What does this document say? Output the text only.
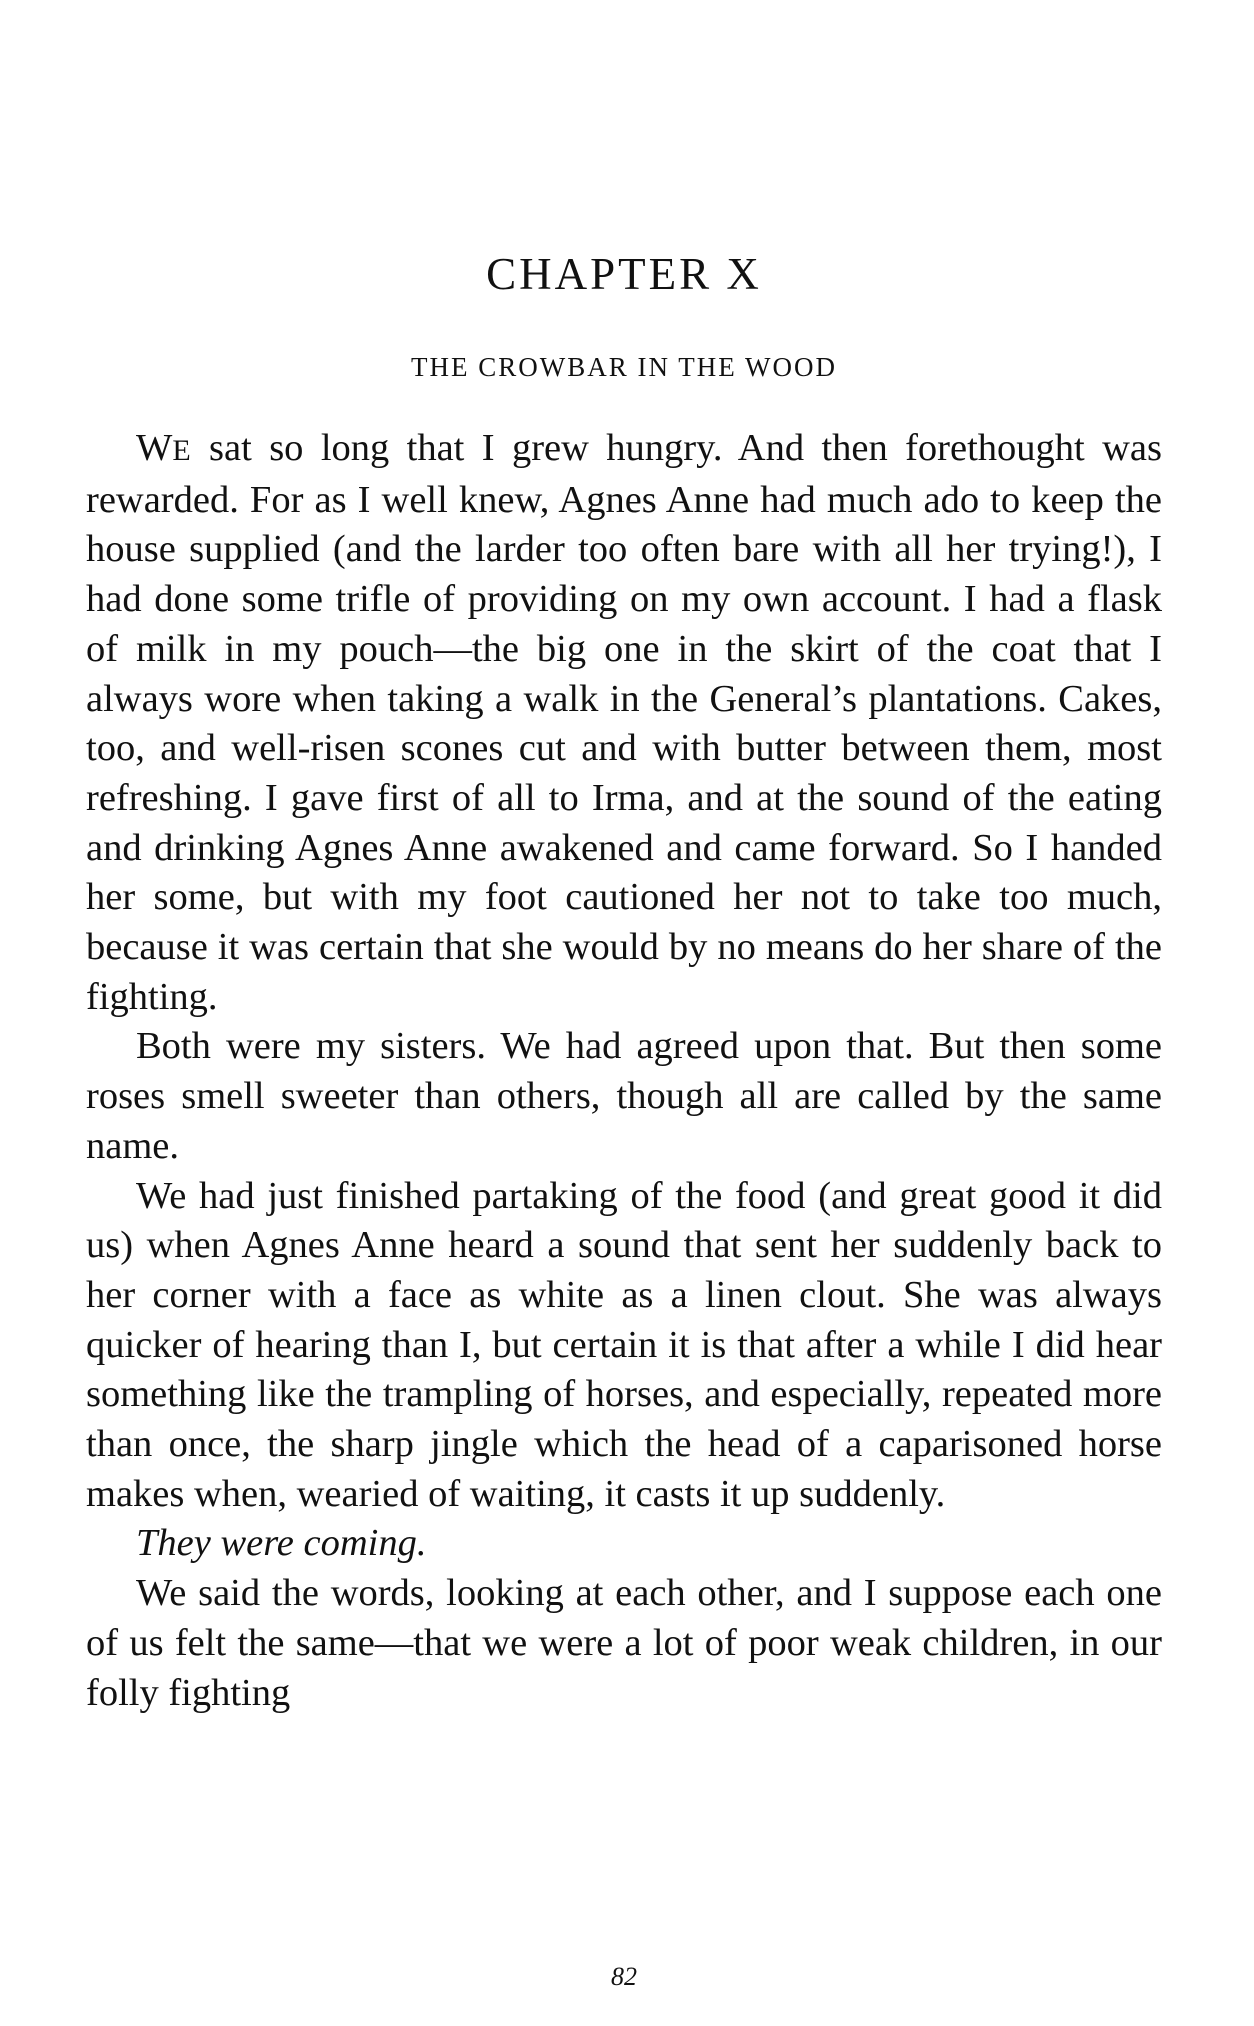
CHAPTER X
THE CROWBAR IN THE WOOD

WE sat so long that I grew hungry. And then forethought was rewarded. For as I well knew, Agnes Anne had much ado to keep the house supplied (and the larder too often bare with all her trying!), I had done some trifle of providing on my own account. I had a flask of milk in my pouch—the big one in the skirt of the coat that I always wore when taking a walk in the General’s plantations. Cakes, too, and well-risen scones cut and with butter between them, most refreshing. I gave first of all to Irma, and at the sound of the eating and drinking Agnes Anne awakened and came forward. So I handed her some, but with my foot cautioned her not to take too much, because it was certain that she would by no means do her share of the fighting.

Both were my sisters. We had agreed upon that. But then some roses smell sweeter than others, though all are called by the same name.

We had just finished partaking of the food (and great good it did us) when Agnes Anne heard a sound that sent her suddenly back to her corner with a face as white as a linen clout. She was always quicker of hearing than I, but certain it is that after a while I did hear something like the trampling of horses, and especially, repeated more than once, the sharp jingle which the head of a caparisoned horse makes when, wearied of waiting, it casts it up suddenly.

They were coming.

We said the words, looking at each other, and I suppose each one of us felt the same—that we were a lot of poor weak children, in our folly fighting

82
